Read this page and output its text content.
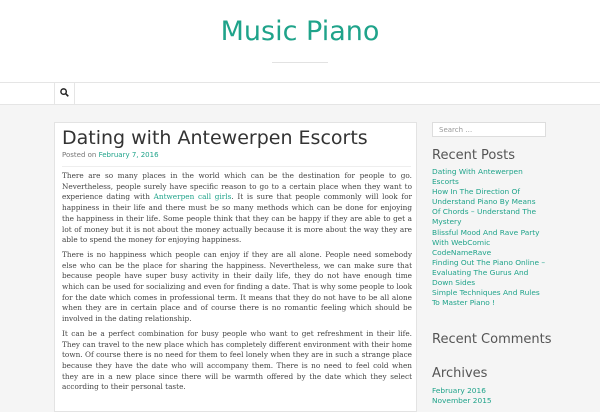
Music Piano
Dating with Antewerpen Escorts
Posted on February 7, 2016

There are so many places in the world which can be the destination for people to go. Nevertheless, people surely have specific reason to go to a certain place when they want to experience dating with Antwerpen call girls. It is sure that people commonly will look for happiness in their life and there must be so many methods which can be done for enjoying the happiness in their life. Some people think that they can be happy if they are able to get a lot of money but it is not about the money actually because it is more about the way they are able to spend the money for enjoying happiness.

There is no happiness which people can enjoy if they are all alone. People need somebody else who can be the place for sharing the happiness. Nevertheless, we can make sure that because people have super busy activity in their daily life, they do not have enough time which can be used for socializing and even for finding a date. That is why some people to look for the date which comes in professional term. It means that they do not have to be all alone when they are in certain place and of course there is no romantic feeling which should be involved in the dating relationship.

It can be a perfect combination for busy people who want to get refreshment in their life. They can travel to the new place which has completely different environment with their home town. Of course there is no need for them to feel lonely when they are in such a strange place because they have the date who will accompany them. There is no need to feel cold when they are in a new place since there will be warmth offered by the date which they select according to their personal taste.

Search …
Recent Posts
Dating With Antewerpen Escorts
How In The Direction Of Understand Piano By Means Of Chords – Understand The Mystery
Blissful Mood And Rave Party With WebComic CodeNameRave
Finding Out The Piano Online – Evaluating The Gurus And Down Sides
Simple Techniques And Rules To Master Piano !
Recent Comments
Archives
February 2016
November 2015
